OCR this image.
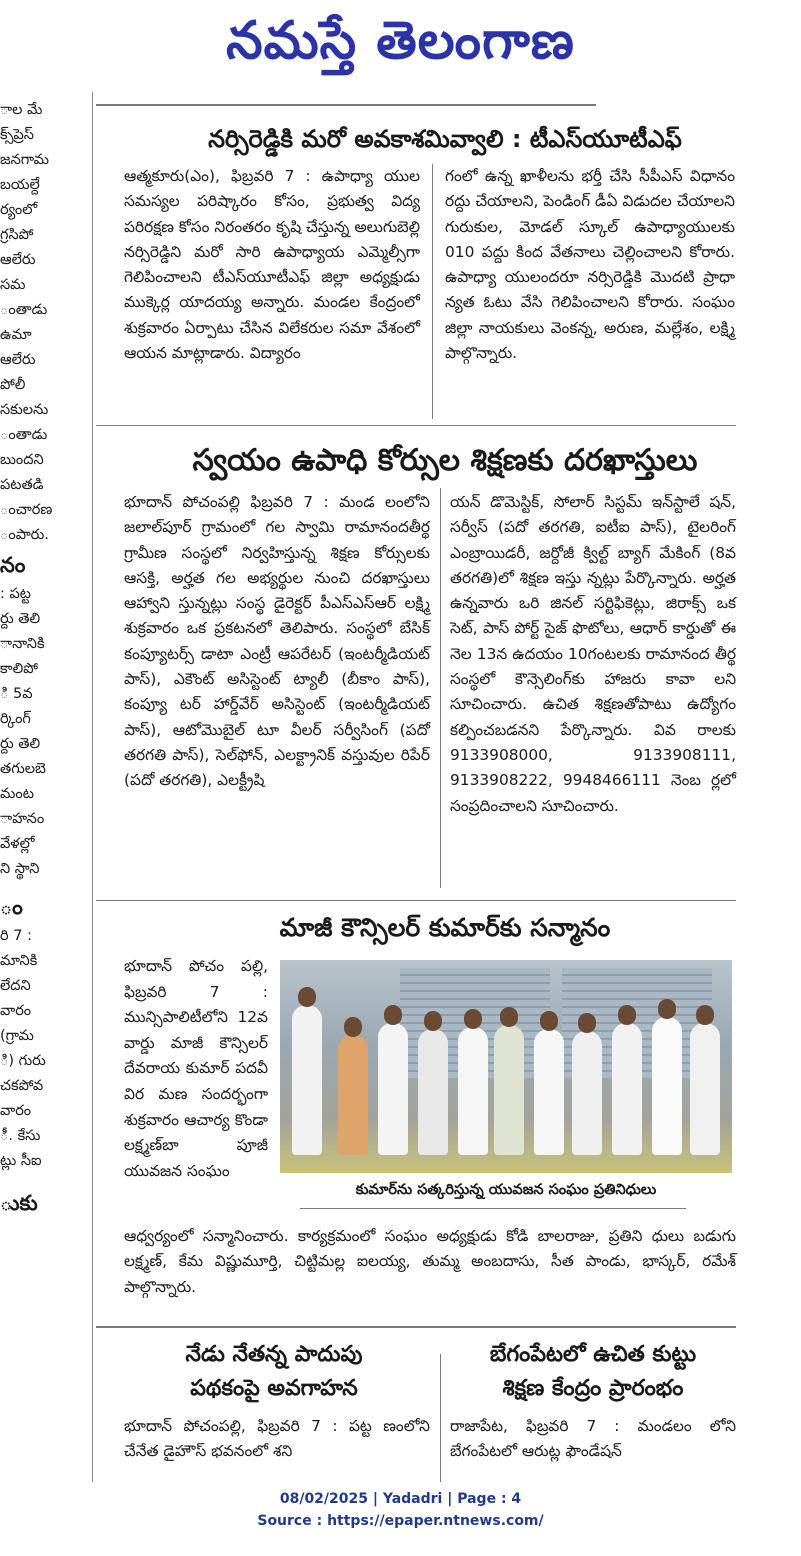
నమస్తే తెలంగాణ
ాల మే
క్స్‌ప్రెస్
జనగామ
బయల్దే
ర్యంలో
గ్రసిపో
ఆలేరు
సమ
ంతాడు
ఉమా
ఆలేరు
పోలీ
సకులను
ంతాడు
బుందని
పటతడి
ంచారణ
ంపారు.
నం
: పట్ట
ర్దు తెలి
ానానికి
కాలిపో
ి 5వ
ర్కింగ్
ర్దు తెలి
తగులబె
మంట
ాహనం
వేళల్లో
ని స్థాని
ం
రి 7 :
మానికి
లేదని
వారం
(గ్రామ
ి) గురు
చకపోవ
వారం
ీ. కేసు
ట్లు సీఐ
ుకు
నర్సిరెడ్డికి మరో అవకాశమివ్వాలి : టీఎస్‌యూటీఎఫ్
ఆత్మకూరు(ఎం), ఫిబ్రవరి 7 : ఉపాధ్యా యుల సమస్యల పరిష్కారం కోసం, ప్రభుత్వ విద్య పరిరక్షణ కోసం నిరంతరం కృషి చేస్తున్న అలుగుబెల్లి నర్సిరెడ్డిని మరో సారి ఉపాధ్యాయ ఎమ్మెల్సీగా గెలిపించాలని టీఎస్‌యూటీఎఫ్ జిల్లా అధ్యక్షుడు ముక్కెర్ల యాదయ్య అన్నారు. మండల కేంద్రంలో శుక్రవారం ఏర్పాటు చేసిన విలేకరుల సమా వేశంలో ఆయన మాట్లాడారు. విద్యారం
గంలో ఉన్న ఖాళీలను భర్తీ చేసి సీపీఎస్ విధానం రద్దు చేయాలని, పెండింగ్ డీఏ విడుదల చేయాలని గురుకుల, మోడల్ స్కూల్ ఉపాధ్యాయులకు 010 పద్దు కింద వేతనాలు చెల్లించాలని కోరారు. ఉపాధ్యా యులందరూ నర్సిరెడ్డికి మొదటి ప్రాధా న్యత ఓటు వేసి గెలిపించాలని కోరారు. సంఘం జిల్లా నాయకులు వెంకన్న, అరుణ, మల్లేశం, లక్ష్మి పాల్గొన్నారు.
స్వయం ఉపాధి కోర్సుల శిక్షణకు దరఖాస్తులు
భూదాన్ పోచంపల్లి ఫిబ్రవరి 7 : మండ లంలోని జలాల్‌పూర్ గ్రామంలో గల స్వామి రామానందతీర్థ గ్రామీణ సంస్థలో నిర్వహిస్తున్న శిక్షణ కోర్సులకు ఆసక్తి, అర్హత గల అభ్యర్థుల నుంచి దరఖాస్తులు ఆహ్వాని స్తున్నట్లు సంస్థ డైరెక్టర్ పీఎస్‌ఎస్‌ఆర్ లక్ష్మి శుక్రవారం ఒక ప్రకటనలో తెలిపారు. సంస్థలో బేసిక్ కంప్యూటర్స్ డాటా ఎంట్రీ ఆపరేటర్ (ఇంటర్మీడియట్ పాస్), ఎకౌంట్ అసిస్టెంట్ ట్యాలీ (బీకాం పాస్), కంప్యూ టర్ హార్డ్‌వేర్ అసిస్టెంట్ (ఇంటర్మీడియట్ పాస్), ఆటోమొబైల్ టూ వీలర్ సర్వీసింగ్ (పదో తరగతి పాస్), సెల్‌ఫోన్, ఎలక్ట్రానిక్ వస్తువుల రిపేర్ (పదో తరగతి), ఎలక్ట్రీషి
యన్ డొమెస్టిక్, సోలార్ సిస్టమ్ ఇన్‌స్టాలే షన్, సర్వీస్ (పదో తరగతి, ఐటీఐ పాస్), టైలరింగ్ ఎంబ్రాయిడరీ, జర్దోజీ క్విల్ట్ బ్యాగ్ మేకింగ్ (8వ తరగతి)లో శిక్షణ ఇస్తు న్నట్లు పేర్కొన్నారు. అర్హత ఉన్నవారు ఒరి జినల్ సర్టిఫికెట్లు, జిరాక్స్ ఒక సెట్, పాస్ పోర్ట్ సైజ్ ఫొటోలు, ఆధార్ కార్డుతో ఈ నెల 13న ఉదయం 10గంటలకు రామానంద తీర్థ సంస్థలో కౌన్సెలింగ్‌కు హాజరు కావా లని సూచించారు. ఉచిత శిక్షణతోపాటు ఉద్యోగం కల్పించబడనని పేర్కొన్నారు. వివ రాలకు 9133908000, 9133908111, 9133908222, 9948466111 నెంబ ర్లలో సంప్రదించాలని సూచించారు.
మాజీ కౌన్సిలర్ కుమార్‌కు సన్మానం
భూదాన్ పోచం పల్లి, ఫిబ్రవరి 7 : మున్సిపాలిటీలోని 12వ వార్డు మాజీ కౌన్సిలర్ దేవరాయ కుమార్ పదవీ విర మణ సందర్భంగా శుక్రవారం ఆచార్య కొండా లక్ష్మణ్‌బా పూజీ యువజన సంఘం
కుమార్‌ను సత్కరిస్తున్న యువజన సంఘం ప్రతినిధులు
ఆధ్వర్యంలో సన్మానించారు. కార్యక్రమంలో సంఘం అధ్యక్షుడు కోడి బాలరాజు, ప్రతిని ధులు బడుగు లక్ష్మణ్, కేమ విష్ణుమూర్తి, చిట్టిమల్ల ఐలయ్య, తుమ్మ అంబదాసు, సీత పాండు, భాస్కర్, రమేశ్ పాల్గొన్నారు.
నేడు నేతన్న పాదుపు
పథకంపై అవగాహన
భూదాన్ పోచంపల్లి, ఫిబ్రవరి 7 : పట్ట ణంలోని చేనేత డైహౌస్ భవనంలో శని
బేగంపేటలో ఉచిత కుట్టు
శిక్షణ కేంద్రం ప్రారంభం
రాజాపేట, ఫిబ్రవరి 7 : మండలం లోని బేగంపేటలో ఆరుట్ల ఫౌండేషన్
08/02/2025 | Yadadri | Page : 4
Source : https://epaper.ntnews.com/
